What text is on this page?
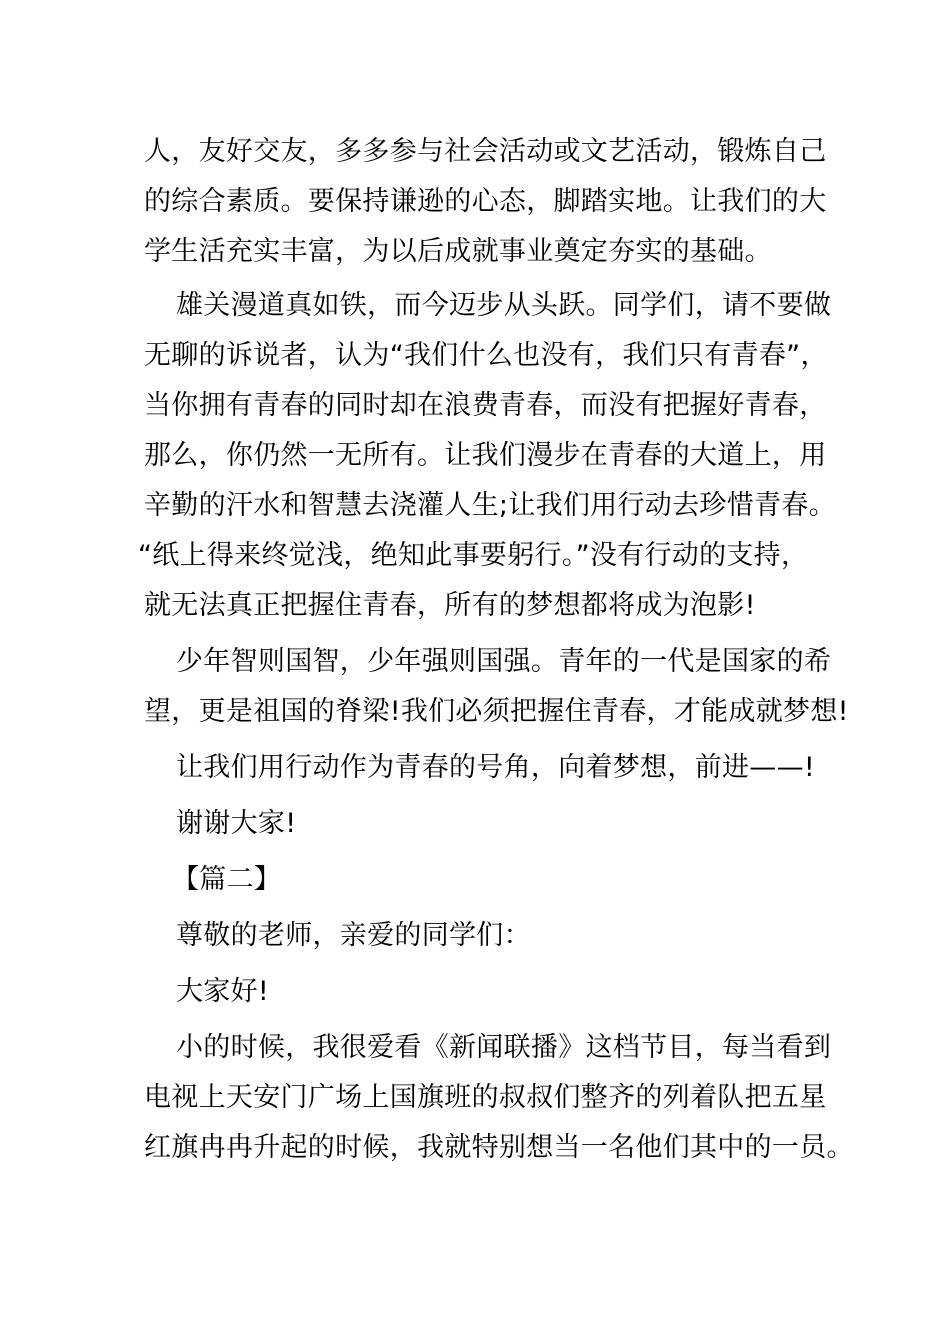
人，友好交友，多多参与社会活动或文艺活动，锻炼自己
的综合素质。要保持谦逊的心态，脚踏实地。让我们的大
学生活充实丰富，为以后成就事业奠定夯实的基础。
雄关漫道真如铁，而今迈步从头跃。同学们，请不要做
无聊的诉说者，认为“我们什么也没有，我们只有青春”，
当你拥有青春的同时却在浪费青春，而没有把握好青春，
那么，你仍然一无所有。让我们漫步在青春的大道上，用
辛勤的汗水和智慧去浇灌人生;让我们用行动去珍惜青春。
“纸上得来终觉浅，绝知此事要躬行。”没有行动的支持，
就无法真正把握住青春，所有的梦想都将成为泡影!
少年智则国智，少年强则国强。青年的一代是国家的希
望，更是祖国的脊梁!我们必须把握住青春，才能成就梦想!
让我们用行动作为青春的号角，向着梦想，前进——!
谢谢大家!
【篇二】
尊敬的老师，亲爱的同学们：
大家好!
小的时候，我很爱看《新闻联播》这档节目，每当看到
电视上天安门广场上国旗班的叔叔们整齐的列着队把五星
红旗冉冉升起的时候，我就特别想当一名他们其中的一员。
